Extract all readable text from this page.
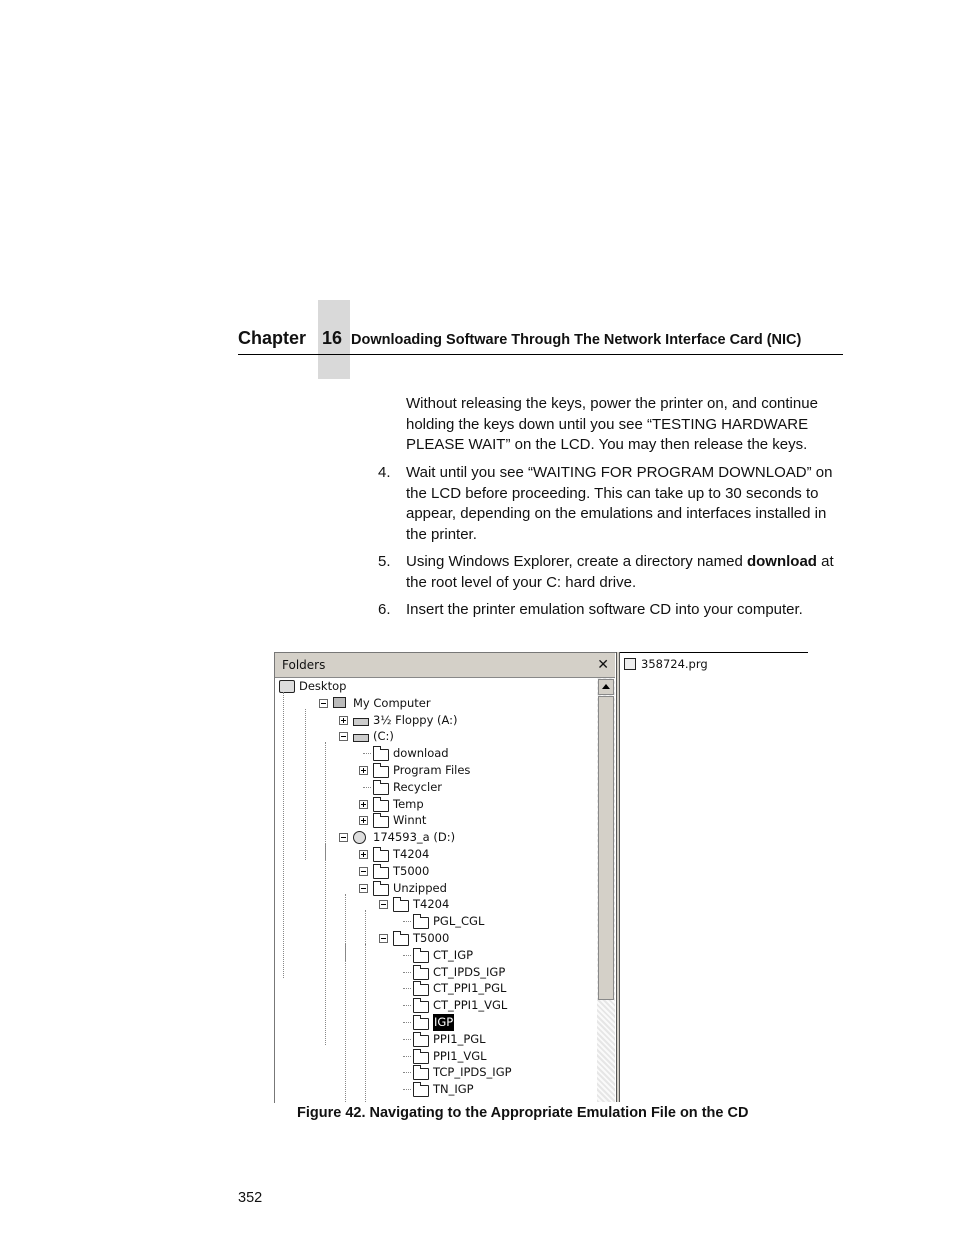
Chapter 16 Downloading Software Through The Network Interface Card (NIC)
Without releasing the keys, power the printer on, and continue holding the keys down until you see “TESTING HARDWARE PLEASE WAIT” on the LCD. You may then release the keys.
4. Wait until you see “WAITING FOR PROGRAM DOWNLOAD” on the LCD before proceeding. This can take up to 30 seconds to appear, depending on the emulations and interfaces installed in the printer.
5. Using Windows Explorer, create a directory named download at the root level of your C: hard drive.
6. Insert the printer emulation software CD into your computer.
Folders	✕
Desktop
My Computer
3½ Floppy (A:)
(C:)
download
Program Files
Recycler
Temp
Winnt
174593_a (D:)
T4204
T5000
Unzipped
T4204
PGL_CGL
T5000
CT_IGP
CT_IPDS_IGP
CT_PPI1_PGL
CT_PPI1_VGL
IGP
PPI1_PGL
PPI1_VGL
TCP_IPDS_IGP
TN_IGP
358724.prg
Figure 42. Navigating to the Appropriate Emulation File on the CD
352
